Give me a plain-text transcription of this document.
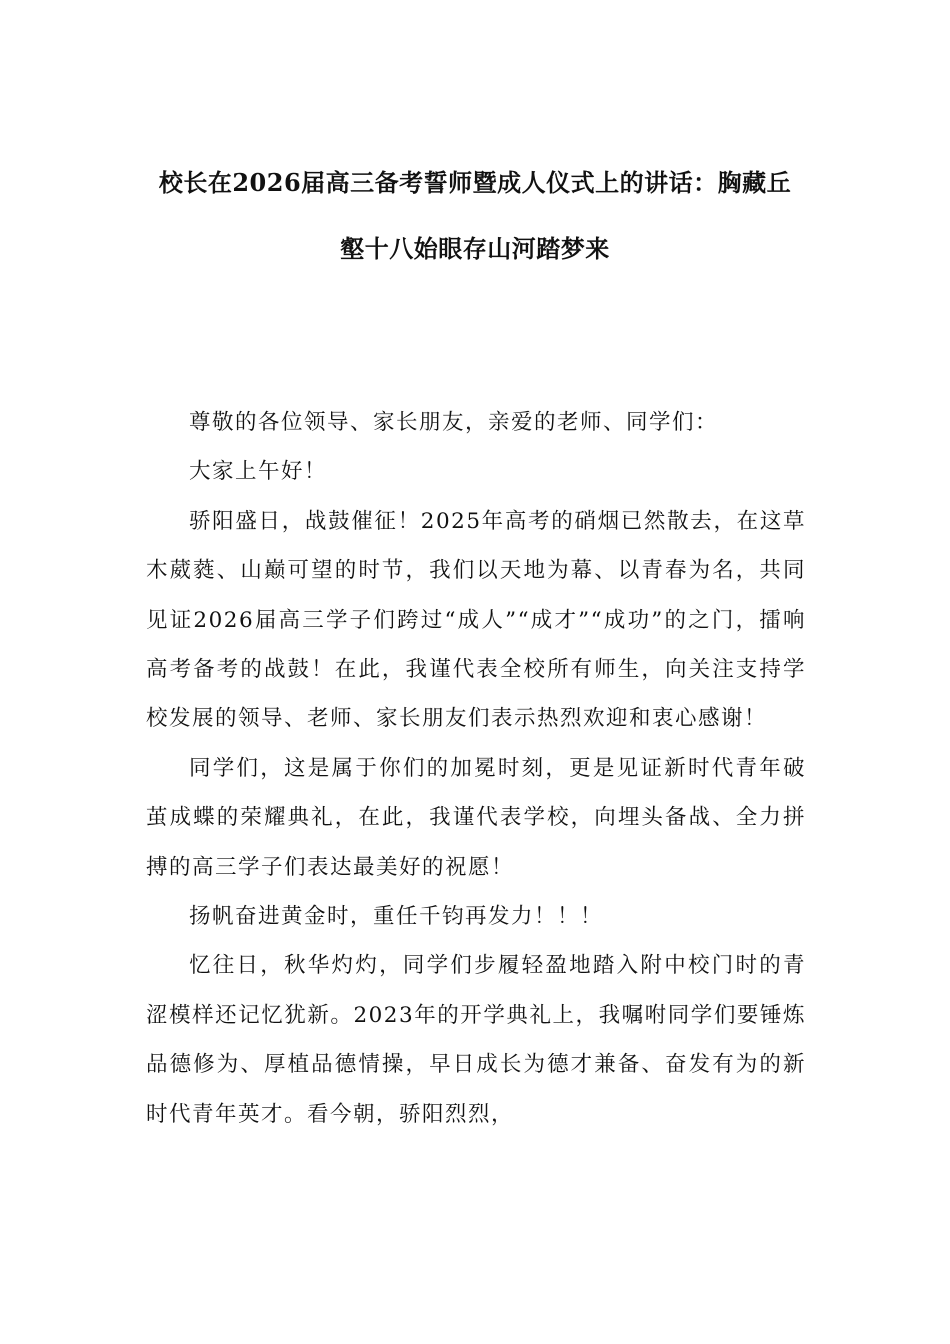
校长在2026届高三备考誓师暨成人仪式上的讲话：胸藏丘
壑十八始眼存山河踏梦来

尊敬的各位领导、家长朋友，亲爱的老师、同学们：

大家上午好！

骄阳盛日，战鼓催征！2025年高考的硝烟已然散去，在这草木葳蕤、山巅可望的时节，我们以天地为幕、以青春为名，共同见证2026届高三学子们跨过“成人”“成才”“成功”的之门，擂响高考备考的战鼓！在此，我谨代表全校所有师生，向关注支持学校发展的领导、老师、家长朋友们表示热烈欢迎和衷心感谢！

同学们，这是属于你们的加冕时刻，更是见证新时代青年破茧成蝶的荣耀典礼，在此，我谨代表学校，向埋头备战、全力拼搏的高三学子们表达最美好的祝愿！

扬帆奋进黄金时，重任千钧再发力！！！

忆往日，秋华灼灼，同学们步履轻盈地踏入附中校门时的青涩模样还记忆犹新。2023年的开学典礼上，我嘱咐同学们要锤炼品德修为、厚植品德情操，早日成长为德才兼备、奋发有为的新时代青年英才。看今朝，骄阳烈烈，
